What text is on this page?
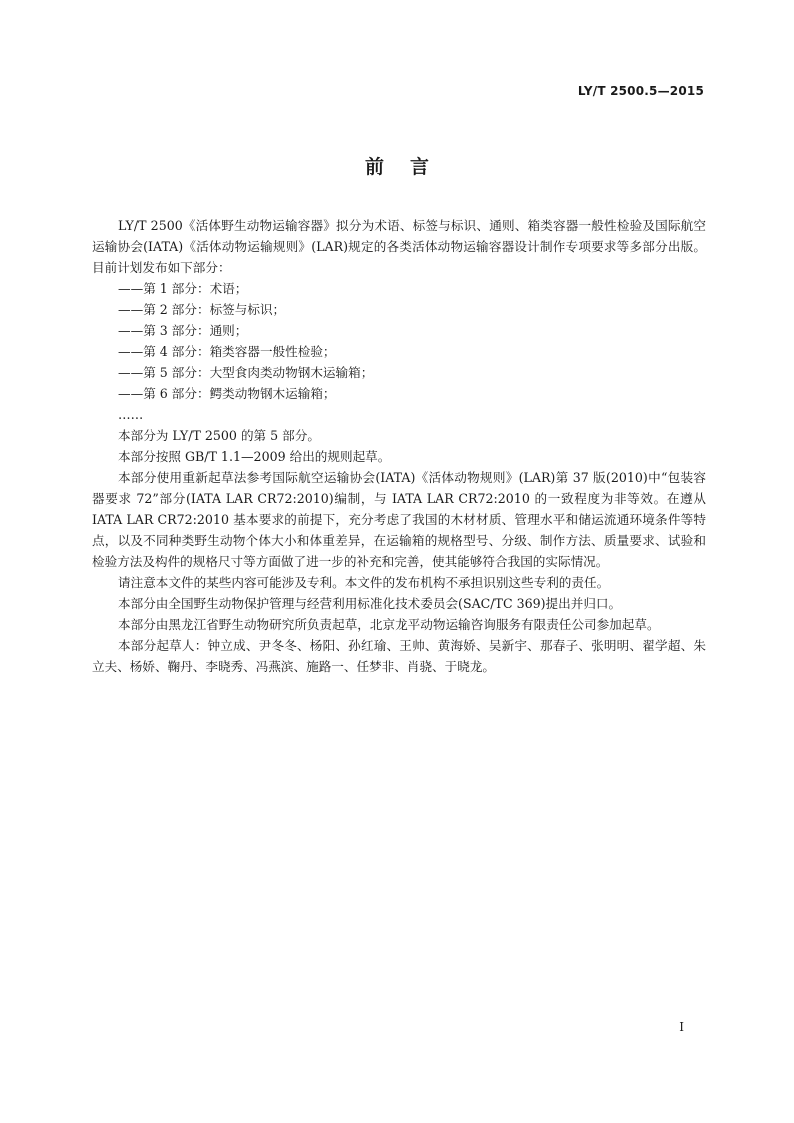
LY/T 2500.5—2015
前言

LY/T 2500《活体野生动物运输容器》拟分为术语、标签与标识、通则、箱类容器一般性检验及国际航空运输协会(IATA)《活体动物运输规则》(LAR)规定的各类活体动物运输容器设计制作专项要求等多部分出版。目前计划发布如下部分：

——第 1 部分：术语；
——第 2 部分：标签与标识；
——第 3 部分：通则；
——第 4 部分：箱类容器一般性检验；
——第 5 部分：大型食肉类动物钢木运输箱；
——第 6 部分：鳄类动物钢木运输箱；
……

本部分为 LY/T 2500 的第 5 部分。

本部分按照 GB/T 1.1—2009 给出的规则起草。

本部分使用重新起草法参考国际航空运输协会(IATA)《活体动物规则》(LAR)第 37 版(2010)中“包装容器要求 72”部分(IATA LAR CR72:2010)编制，与 IATA LAR CR72:2010 的一致程度为非等效。在遵从 IATA LAR CR72:2010 基本要求的前提下，充分考虑了我国的木材材质、管理水平和储运流通环境条件等特点，以及不同种类野生动物个体大小和体重差异，在运输箱的规格型号、分级、制作方法、质量要求、试验和检验方法及构件的规格尺寸等方面做了进一步的补充和完善，使其能够符合我国的实际情况。

请注意本文件的某些内容可能涉及专利。本文件的发布机构不承担识别这些专利的责任。

本部分由全国野生动物保护管理与经营利用标准化技术委员会(SAC/TC 369)提出并归口。

本部分由黑龙江省野生动物研究所负责起草，北京龙平动物运输咨询服务有限责任公司参加起草。

本部分起草人：钟立成、尹冬冬、杨阳、孙红瑜、王帅、黄海娇、吴新宇、那春子、张明明、翟学超、朱立夫、杨娇、鞠丹、李晓秀、冯燕滨、施路一、任梦非、肖骁、于晓龙。

I
